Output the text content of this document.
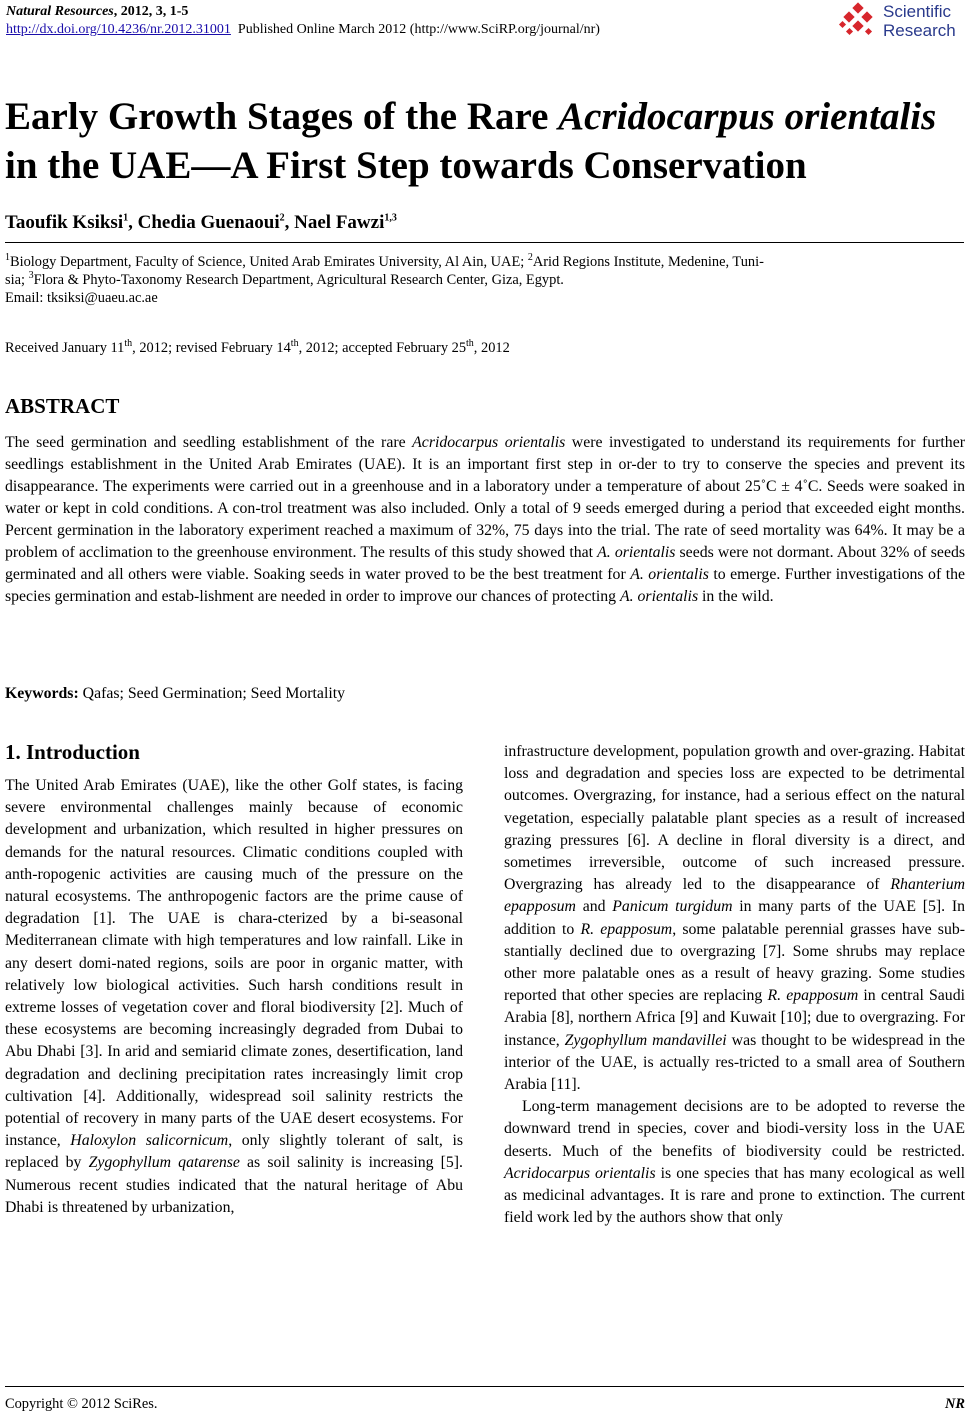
Natural Resources, 2012, 3, 1-5
http://dx.doi.org/10.4236/nr.2012.31001 Published Online March 2012 (http://www.SciRP.org/journal/nr)
Scientific
Research
Early Growth Stages of the Rare Acridocarpus orientalis
in the UAE—A First Step towards Conservation
Taoufik Ksiksi$^1$, Chedia Guenaoui$^2$, Nael Fawzi$^{1,3}$
$^1$Biology Department, Faculty of Science, United Arab Emirates University, Al Ain, UAE; $^2$Arid Regions Institute, Medenine, Tuni-
sia; $^3$Flora & Phyto-Taxonomy Research Department, Agricultural Research Center, Giza, Egypt.
Email: tksiksi@uaeu.ac.ae
Received January 11th, 2012; revised February 14th, 2012; accepted February 25th, 2012
ABSTRACT
The seed germination and seedling establishment of the rare Acridocarpus orientalis were investigated to understand its requirements for further seedlings establishment in the United Arab Emirates (UAE). It is an important first step in or-der to try to conserve the species and prevent its disappearance. The experiments were carried out in a greenhouse and in a laboratory under a temperature of about 25˚C ± 4˚C. Seeds were soaked in water or kept in cold conditions. A con-trol treatment was also included. Only a total of 9 seeds emerged during a period that exceeded eight months. Percent germination in the laboratory experiment reached a maximum of 32%, 75 days into the trial. The rate of seed mortality was 64%. It may be a problem of acclimation to the greenhouse environment. The results of this study showed that A. orientalis seeds were not dormant. About 32% of seeds germinated and all others were viable. Soaking seeds in water proved to be the best treatment for A. orientalis to emerge. Further investigations of the species germination and estab-lishment are needed in order to improve our chances of protecting A. orientalis in the wild.
Keywords: Qafas; Seed Germination; Seed Mortality
1. Introduction

The United Arab Emirates (UAE), like the other Golf states, is facing severe environmental challenges mainly because of economic development and urbanization, which resulted in higher pressures on demands for the natural resources. Climatic conditions coupled with anth-ropogenic activities are causing much of the pressure on the natural ecosystems. The anthropogenic factors are the prime cause of degradation [1]. The UAE is chara-cterized by a bi-seasonal Mediterranean climate with high temperatures and low rainfall. Like in any desert domi-nated regions, soils are poor in organic matter, with relatively low biological activities. Such harsh conditions result in extreme losses of vegetation cover and floral biodiversity [2]. Much of these ecosystems are becoming increasingly degraded from Dubai to Abu Dhabi [3]. In arid and semiarid climate zones, desertification, land degradation and declining precipitation rates increasingly limit crop cultivation [4]. Additionally, widespread soil salinity restricts the potential of recovery in many parts of the UAE desert ecosystems. For instance, Haloxylon salicornicum, only slightly tolerant of salt, is replaced by Zygophyllum qatarense as soil salinity is increasing [5]. Numerous recent studies indicated that the natural heritage of Abu Dhabi is threatened by urbanization,

infrastructure development, population growth and over-grazing. Habitat loss and degradation and species loss are expected to be detrimental outcomes. Overgrazing, for instance, had a serious effect on the natural vegetation, especially palatable plant species as a result of increased grazing pressures [6]. A decline in floral diversity is a direct, and sometimes irreversible, outcome of such increased pressure. Overgrazing has already led to the disappearance of Rhanterium epapposum and Panicum turgidum in many parts of the UAE [5]. In addition to R. epapposum, some palatable perennial grasses have sub-stantially declined due to overgrazing [7]. Some shrubs may replace other more palatable ones as a result of heavy grazing. Some studies reported that other species are replacing R. epapposum in central Saudi Arabia [8], northern Africa [9] and Kuwait [10]; due to overgrazing. For instance, Zygophyllum mandavillei was thought to be widespread in the interior of the UAE, is actually res-tricted to a small area of Southern Arabia [11].

Long-term management decisions are to be adopted to reverse the downward trend in species, cover and biodi-versity loss in the UAE deserts. Much of the benefits of biodiversity could be restricted. Acridocarpus orientalis is one species that has many ecological as well as medicinal advantages. It is rare and prone to extinction. The current field work led by the authors show that only

Copyright © 2012 SciRes.	NR
